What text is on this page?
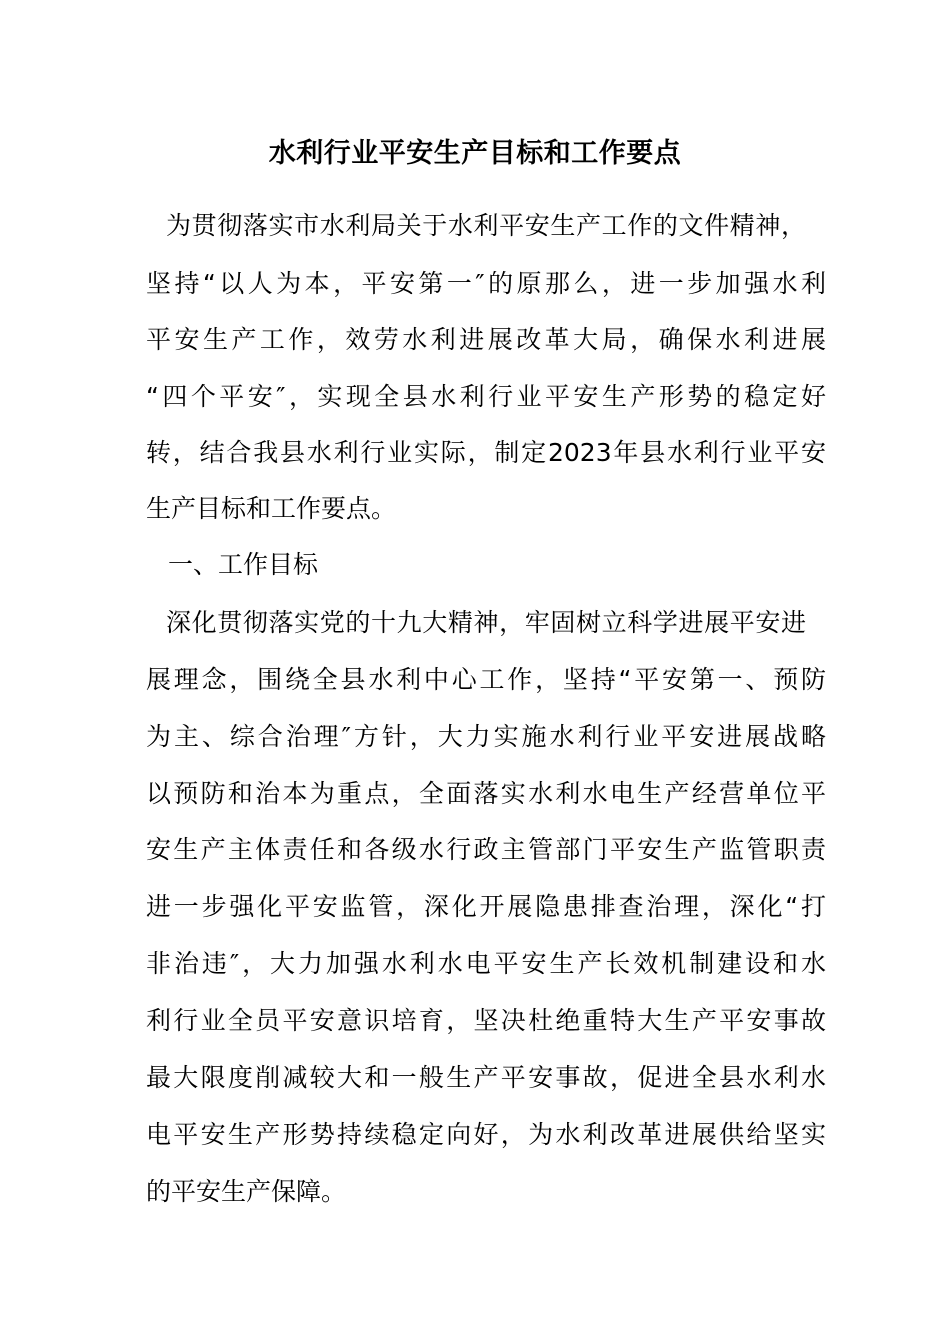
水利行业平安生产目标和工作要点
为贯彻落实市水利局关于水利平安生产工作的文件精神，
坚持“以人为本，平安第一″的原那么，进一步加强水利
平安生产工作，效劳水利进展改革大局，确保水利进展
“四个平安″，实现全县水利行业平安生产形势的稳定好
转，结合我县水利行业实际，制定2023年县水利行业平安
生产目标和工作要点。
一、工作目标
深化贯彻落实党的十九大精神，牢固树立科学进展平安进
展理念，围绕全县水利中心工作，坚持“平安第一、预防
为主、综合治理″方针，大力实施水利行业平安进展战略
以预防和治本为重点，全面落实水利水电生产经营单位平
安生产主体责任和各级水行政主管部门平安生产监管职责
进一步强化平安监管，深化开展隐患排查治理，深化“打
非治违″，大力加强水利水电平安生产长效机制建设和水
利行业全员平安意识培育，坚决杜绝重特大生产平安事故
最大限度削减较大和一般生产平安事故，促进全县水利水
电平安生产形势持续稳定向好，为水利改革进展供给坚实
的平安生产保障。
